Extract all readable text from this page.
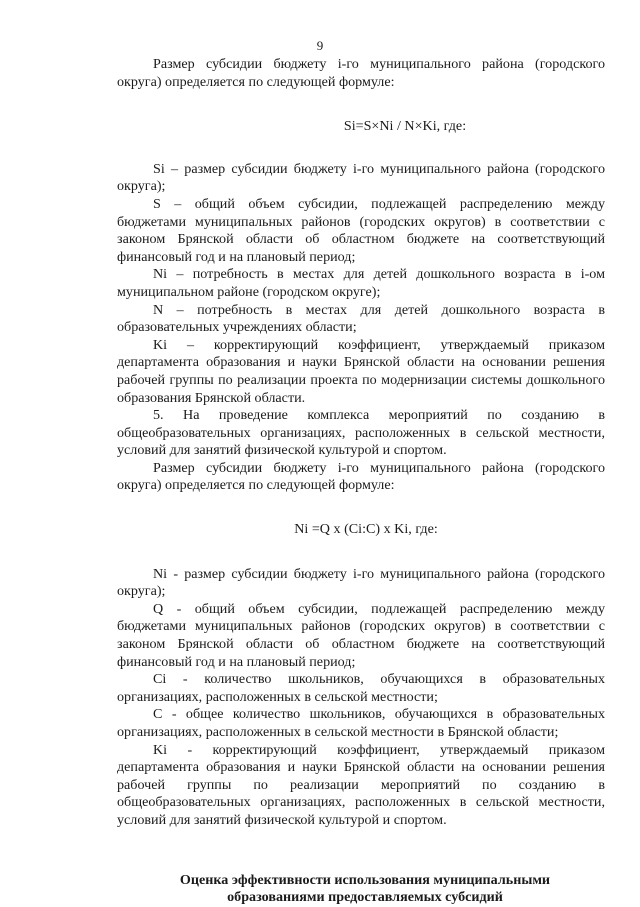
9

Размер субсидии бюджету i-го муниципального района (городского округа) определяется по следующей формуле:

Si=S×Ni / N×Ki, где:

Si – размер субсидии бюджету i-го муниципального района (городского округа);

S – общий объем субсидии, подлежащей распределению между бюджетами муниципальных районов (городских округов) в соответствии с законом Брянской области об областном бюджете на соответствующий финансовый год и на плановый период;

Ni – потребность в местах для детей дошкольного возраста в i-ом муниципальном районе (городском округе);

N – потребность в местах для детей дошкольного возраста в образовательных учреждениях области;

Ki – корректирующий коэффициент, утверждаемый приказом департамента образования и науки Брянской области на основании решения рабочей группы по реализации проекта по модернизации системы дошкольного образования Брянской области.

5. На проведение комплекса мероприятий по созданию в общеобразовательных организациях, расположенных в сельской местности, условий для занятий физической культурой и спортом.

Размер субсидии бюджету i-го муниципального района (городского округа) определяется по следующей формуле:

Ni =Q x (Ci:C) x Ki, где:

Ni - размер субсидии бюджету i-го муниципального района (городского округа);

Q - общий объем субсидии, подлежащей распределению между бюджетами муниципальных районов (городских округов) в соответствии с законом Брянской области об областном бюджете на соответствующий финансовый год и на плановый период;

Ci - количество школьников, обучающихся в образовательных организациях, расположенных в сельской местности;

C - общее количество школьников, обучающихся в образовательных организациях, расположенных в сельской местности в Брянской области;

Ki - корректирующий коэффициент, утверждаемый приказом департамента образования и науки Брянской области на основании решения рабочей группы по реализации мероприятий по созданию в общеобразовательных организациях, расположенных в сельской местности, условий для занятий физической культурой и спортом.

Оценка эффективности использования муниципальными
образованиями предоставляемых субсидий
